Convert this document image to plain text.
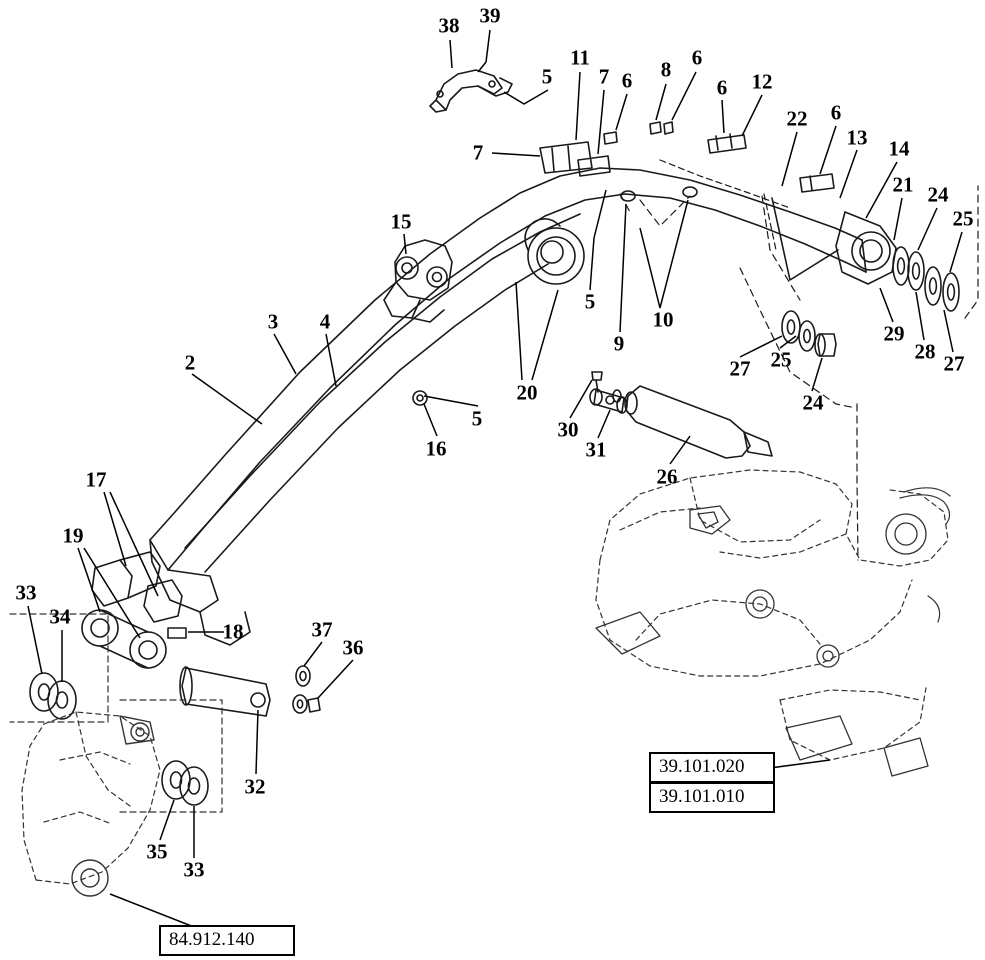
38 39
5
11
7 6 8 6
6 12
22 6
13 14
21 24
25
7
15
5
9
10
29
28 27
27 25
24
3 4
2
20
5
16
30
31
26
17
19
33
34
18	37
36
32
35
33
39.101.020
39.101.010
84.912.140
